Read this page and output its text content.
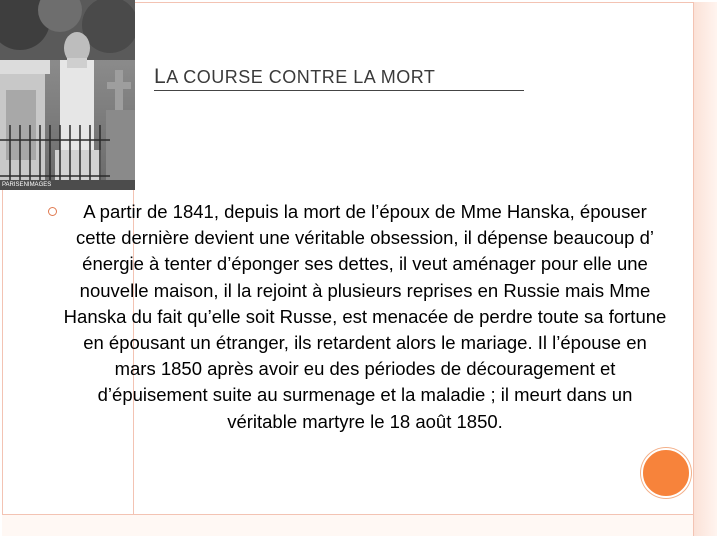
PARISENIMAGES
LA COURSE CONTRE LA MORT
A partir de 1841, depuis la mort de l’époux de Mme Hanska, épouser cette dernière devient une véritable obsession, il dépense beaucoup d’ énergie à tenter d’éponger ses dettes, il veut aménager pour elle une nouvelle maison, il la rejoint à plusieurs reprises en Russie mais Mme Hanska du fait qu’elle soit Russe, est menacée de perdre toute sa fortune en épousant un étranger, ils retardent alors le mariage. Il l’épouse en mars 1850 après avoir eu des périodes de découragement et d’épuisement suite au surmenage et la maladie ; il meurt dans un véritable martyre le 18 août 1850.
